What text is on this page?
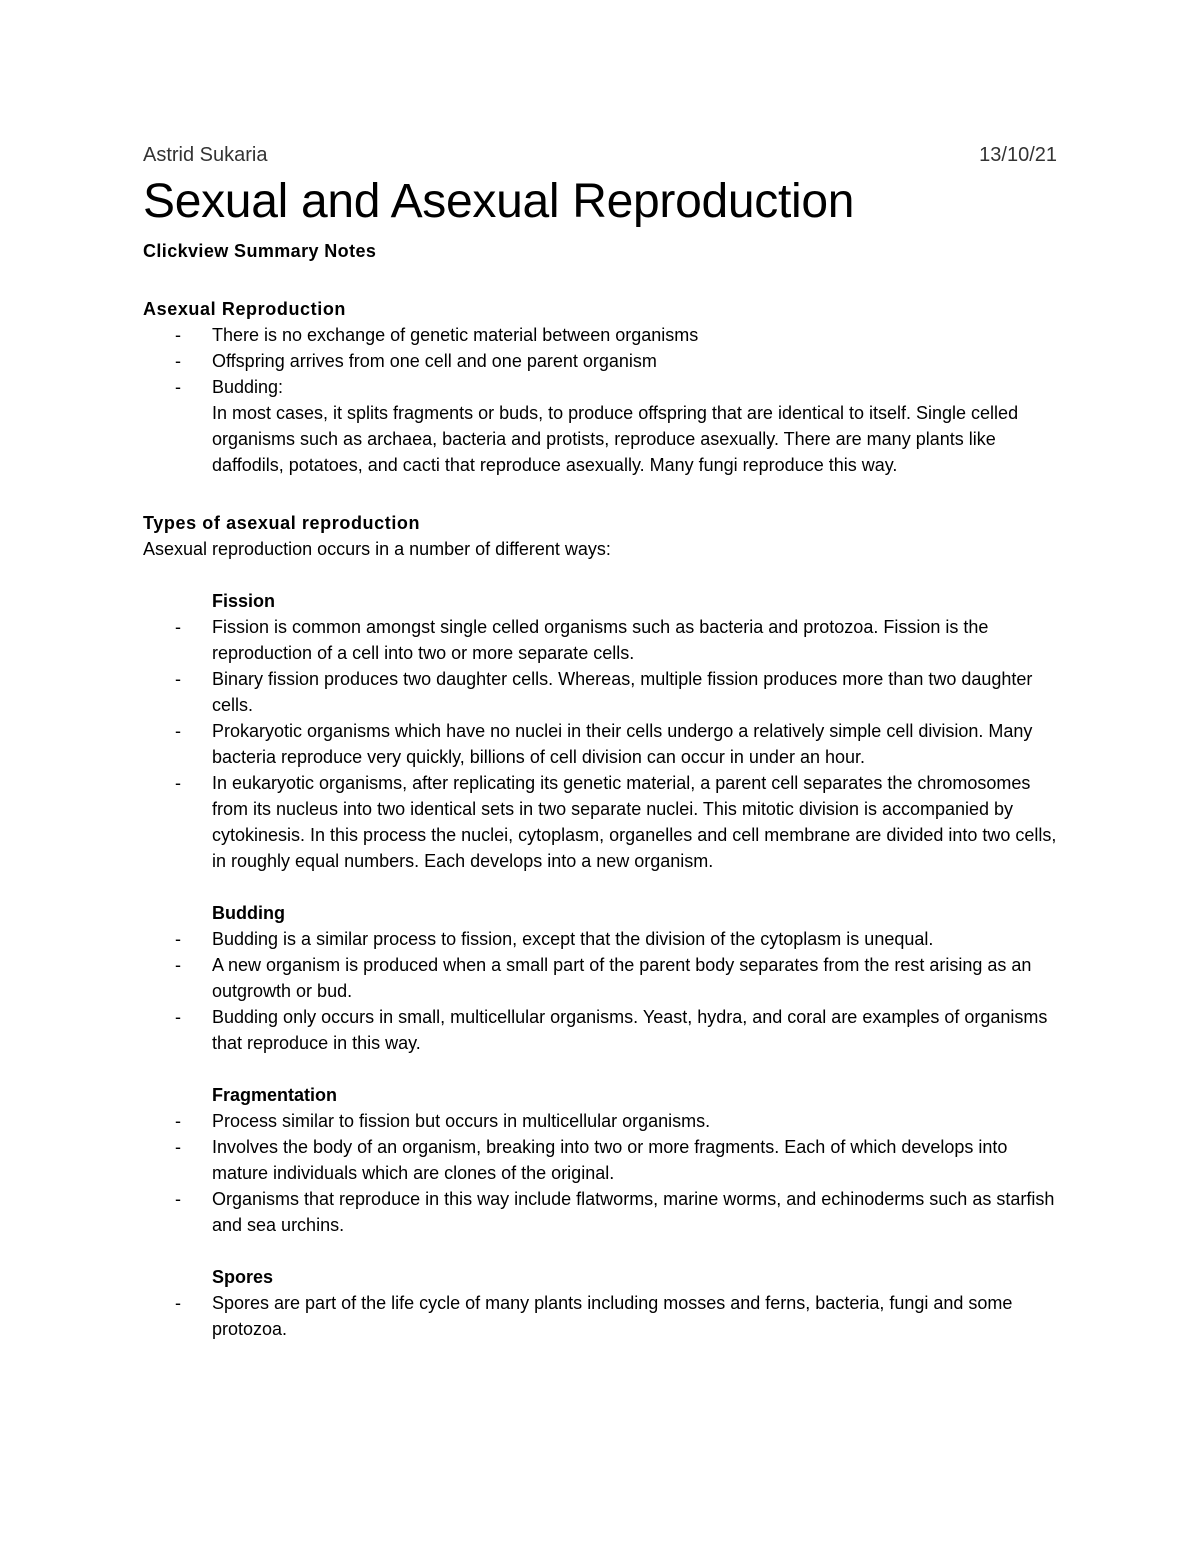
Astrid Sukaria	13/10/21
Sexual and Asexual Reproduction
Clickview Summary Notes
Asexual Reproduction
- There is no exchange of genetic material between organisms
- Offspring arrives from one cell and one parent organism
- Budding:
In most cases, it splits fragments or buds, to produce offspring that are identical to itself. Single celled organisms such as archaea, bacteria and protists, reproduce asexually. There are many plants like daffodils, potatoes, and cacti that reproduce asexually. Many fungi reproduce this way.
Types of asexual reproduction
Asexual reproduction occurs in a number of different ways:
Fission
- Fission is common amongst single celled organisms such as bacteria and protozoa. Fission is the reproduction of a cell into two or more separate cells.
- Binary fission produces two daughter cells. Whereas, multiple fission produces more than two daughter cells.
- Prokaryotic organisms which have no nuclei in their cells undergo a relatively simple cell division. Many bacteria reproduce very quickly, billions of cell division can occur in under an hour.
- In eukaryotic organisms, after replicating its genetic material, a parent cell separates the chromosomes from its nucleus into two identical sets in two separate nuclei. This mitotic division is accompanied by cytokinesis. In this process the nuclei, cytoplasm, organelles and cell membrane are divided into two cells, in roughly equal numbers. Each develops into a new organism.
Budding
- Budding is a similar process to fission, except that the division of the cytoplasm is unequal.
- A new organism is produced when a small part of the parent body separates from the rest arising as an outgrowth or bud.
- Budding only occurs in small, multicellular organisms. Yeast, hydra, and coral are examples of organisms that reproduce in this way.
Fragmentation
- Process similar to fission but occurs in multicellular organisms.
- Involves the body of an organism, breaking into two or more fragments. Each of which develops into mature individuals which are clones of the original.
- Organisms that reproduce in this way include flatworms, marine worms, and echinoderms such as starfish and sea urchins.
Spores
- Spores are part of the life cycle of many plants including mosses and ferns, bacteria, fungi and some protozoa.
